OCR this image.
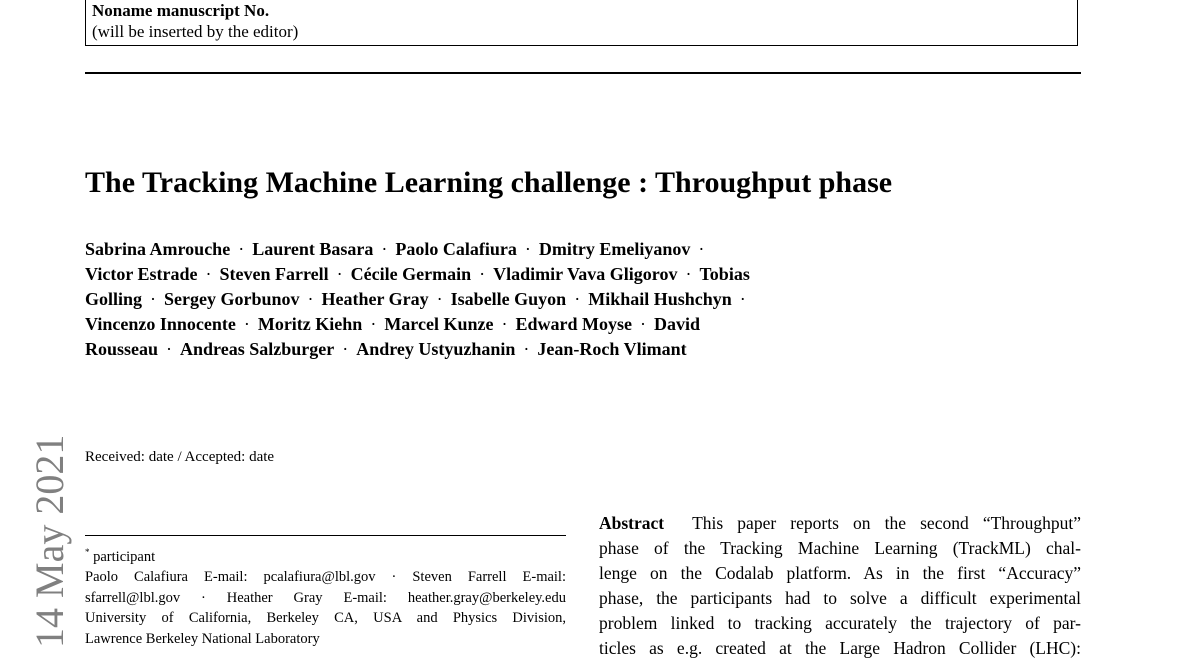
Noname manuscript No.
(will be inserted by the editor)
The Tracking Machine Learning challenge : Throughput phase
Sabrina Amrouche · Laurent Basara · Paolo Calafiura · Dmitry Emeliyanov ·
Victor Estrade · Steven Farrell · Cécile Germain · Vladimir Vava Gligorov · Tobias
Golling · Sergey Gorbunov · Heather Gray · Isabelle Guyon · Mikhail Hushchyn ·
Vincenzo Innocente · Moritz Kiehn · Marcel Kunze · Edward Moyse · David
Rousseau · Andreas Salzburger · Andrey Ustyuzhanin · Jean-Roch Vlimant
Received: date / Accepted: date
14 May 2021 * participant
Paolo Calafiura E-mail: pcalafiura@lbl.gov · Steven Farrell E-mail:
sfarrell@lbl.gov · Heather Gray E-mail: heather.gray@berkeley.edu
University of California, Berkeley CA, USA and Physics Division,
Lawrence Berkeley National Laboratory
Abstract This paper reports on the second “Throughput”
phase of the Tracking Machine Learning (TrackML) chal-
lenge on the Codalab platform. As in the first “Accuracy”
phase, the participants had to solve a difficult experimental
problem linked to tracking accurately the trajectory of par-
ticles as e.g. created at the Large Hadron Collider (LHC):
